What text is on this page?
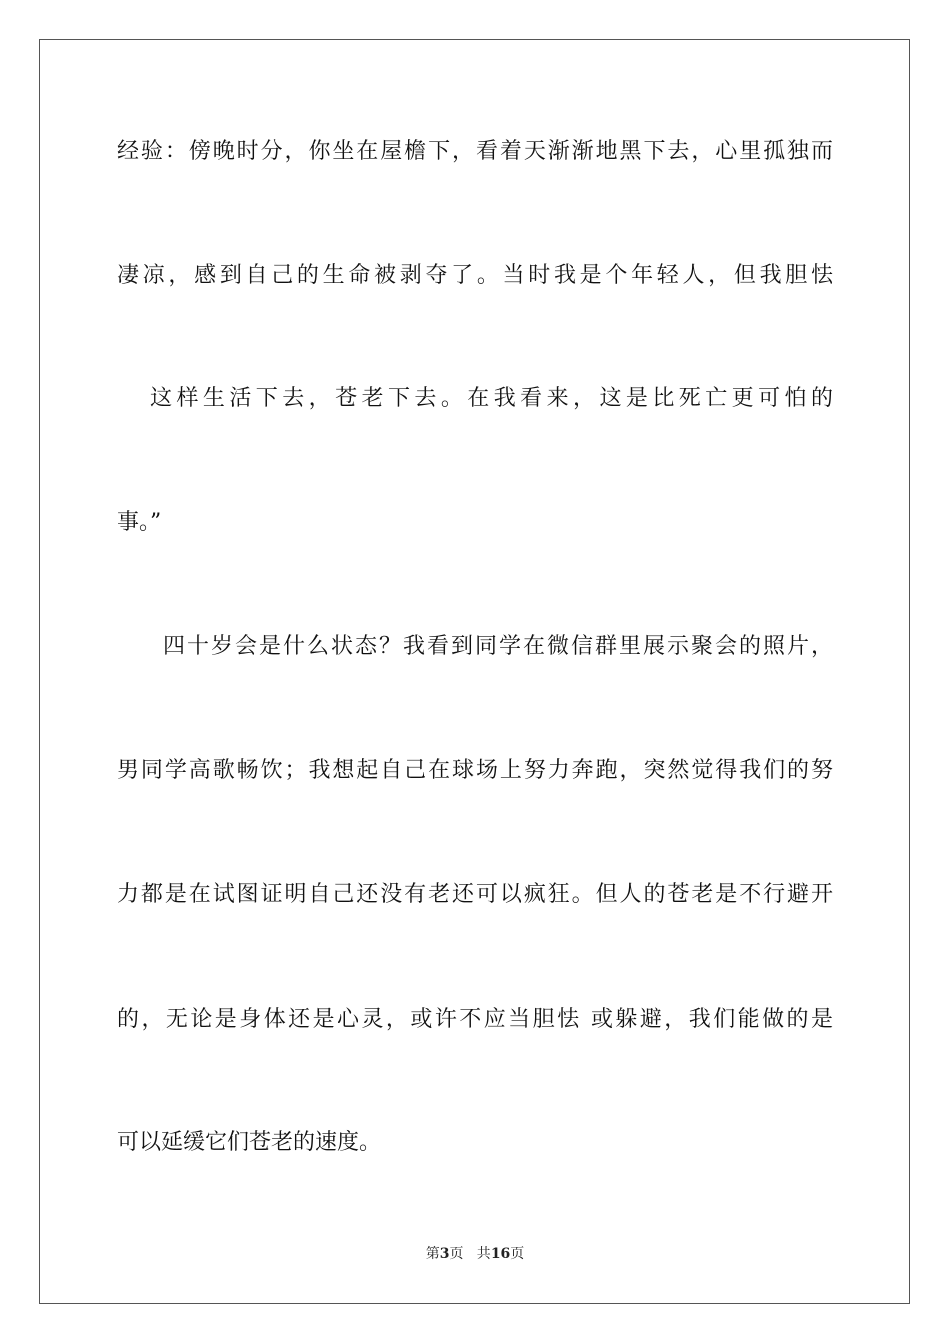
经验：傍晚时分，你坐在屋檐下，看着天渐渐地黑下去，心里孤独而
凄凉，感到自己的生命被剥夺了。当时我是个年轻人，但我胆怯
这样生活下去，苍老下去。在我看来，这是比死亡更可怕的
事。”
四十岁会是什么状态？我看到同学在微信群里展示聚会的照片，
男同学高歌畅饮；我想起自己在球场上努力奔跑，突然觉得我们的努
力都是在试图证明自己还没有老还可以疯狂。但人的苍老是不行避开
的，无论是身体还是心灵，或许不应当胆怯 或躲避，我们能做的是
可以延缓它们苍老的速度。
第3页   共16页
